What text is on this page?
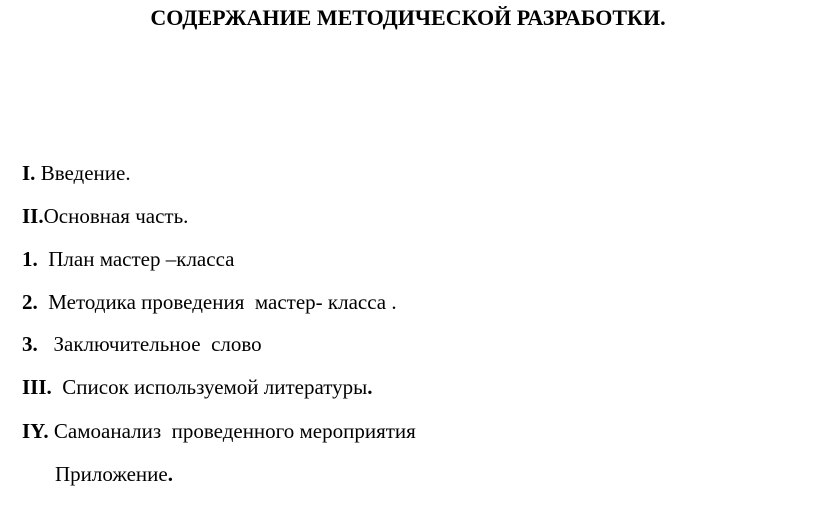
СОДЕРЖАНИЕ МЕТОДИЧЕСКОЙ РАЗРАБОТКИ.

I. Введение.

II.Основная часть.

1. План мастер –класса

2. Методика проведения  мастер- класса .

3. Заключительное  слово

III. Список используемой литературы.

IY. Самоанализ  проведенного мероприятия

Приложение.
